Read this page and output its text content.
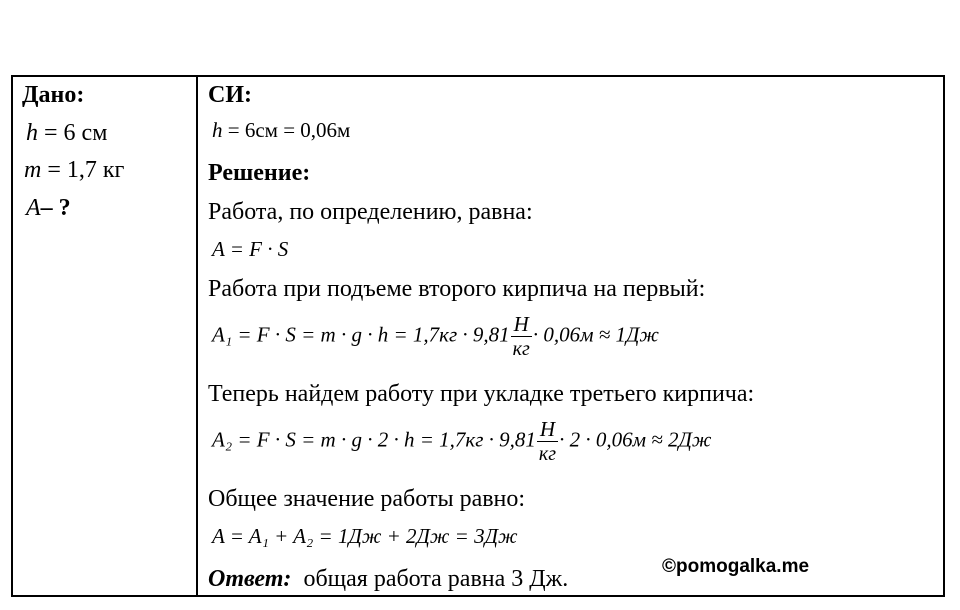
Дано:
h = 6 см
m = 1,7 кг
A– ?
СИ:
h = 6см = 0,06м
Решение:
Работа, по определению, равна:
A = F · S
Работа при подъеме второго кирпича на первый:
$A_1 = F \cdot S = m \cdot g \cdot h = 1,7кг \cdot 9,81 \frac{Н}{кг} \cdot 0,06м \approx 1Дж$
Теперь найдем работу при укладке третьего кирпича:
$A_2 = F \cdot S = m \cdot g \cdot 2 \cdot h = 1,7кг \cdot 9,81 \frac{Н}{кг} \cdot 2 \cdot 0,06м \approx 2Дж$
Общее значение работы равно:
A = A₁ + A₂ = 1Дж + 2Дж = 3Дж
Ответ: общая работа равна 3 Дж.	©pomogalka.me
